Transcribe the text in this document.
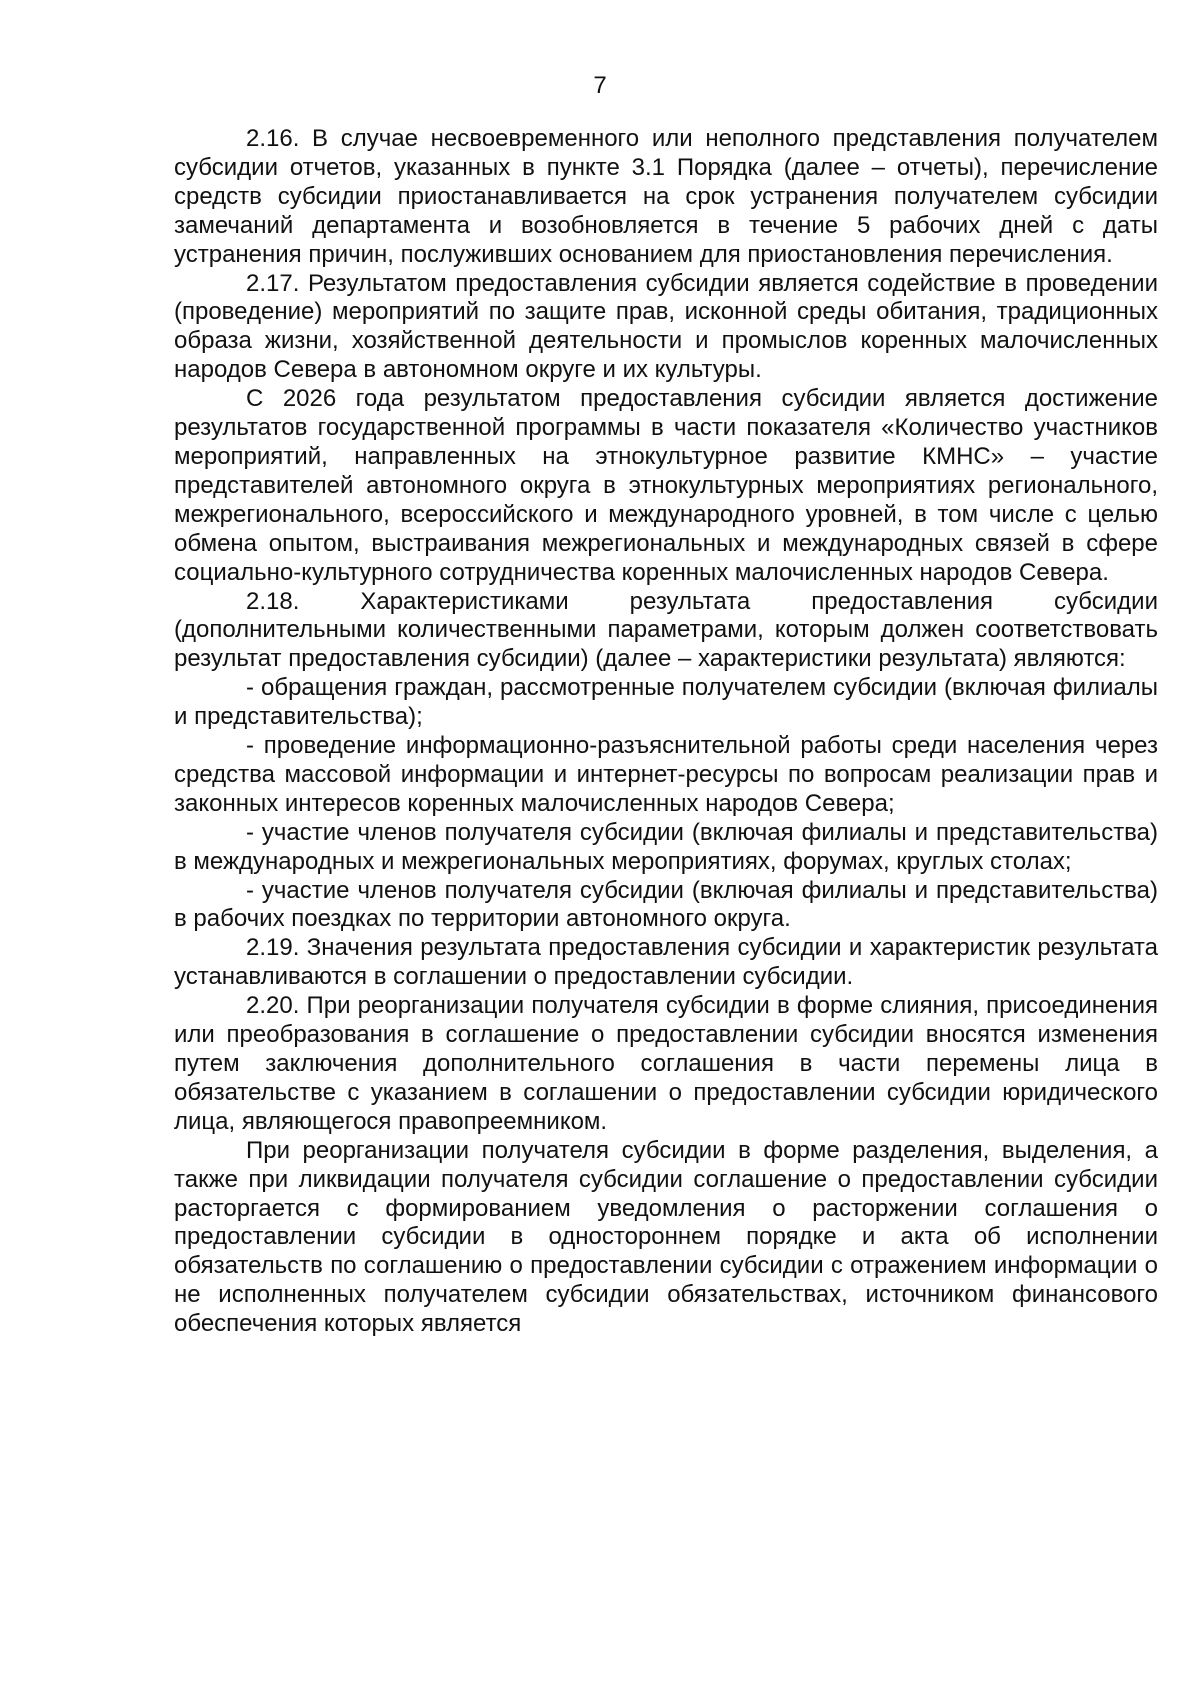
7

2.16. В случае несвоевременного или неполного представления получателем субсидии отчетов, указанных в пункте 3.1 Порядка (далее – отчеты), перечисление средств субсидии приостанавливается на срок устранения получателем субсидии замечаний департамента и возобновляется в течение 5 рабочих дней с даты устранения причин, послуживших основанием для приостановления перечисления.

2.17. Результатом предоставления субсидии является содействие в проведении (проведение) мероприятий по защите прав, исконной среды обитания, традиционных образа жизни, хозяйственной деятельности и промыслов коренных малочисленных народов Севера в автономном округе и их культуры.

С 2026 года результатом предоставления субсидии является достижение результатов государственной программы в части показателя «Количество участников мероприятий, направленных на этнокультурное развитие КМНС» – участие представителей автономного округа в этнокультурных мероприятиях регионального, межрегионального, всероссийского и международного уровней, в том числе с целью обмена опытом, выстраивания межрегиональных и международных связей в сфере социально-культурного сотрудничества коренных малочисленных народов Севера.

2.18. Характеристиками результата предоставления субсидии (дополнительными количественными параметрами, которым должен соответствовать результат предоставления субсидии) (далее – характеристики результата) являются:

- обращения граждан, рассмотренные получателем субсидии (включая филиалы и представительства);

- проведение информационно-разъяснительной работы среди населения через средства массовой информации и интернет-ресурсы по вопросам реализации прав и законных интересов коренных малочисленных народов Севера;

- участие членов получателя субсидии (включая филиалы и представительства) в международных и межрегиональных мероприятиях, форумах, круглых столах;

- участие членов получателя субсидии (включая филиалы и представительства) в рабочих поездках по территории автономного округа.

2.19. Значения результата предоставления субсидии и характеристик результата устанавливаются в соглашении о предоставлении субсидии.

2.20. При реорганизации получателя субсидии в форме слияния, присоединения или преобразования в соглашение о предоставлении субсидии вносятся изменения путем заключения дополнительного соглашения в части перемены лица в обязательстве с указанием в соглашении о предоставлении субсидии юридического лица, являющегося правопреемником.

При реорганизации получателя субсидии в форме разделения, выделения, а также при ликвидации получателя субсидии соглашение о предоставлении субсидии расторгается с формированием уведомления о расторжении соглашения о предоставлении субсидии в одностороннем порядке и акта об исполнении обязательств по соглашению о предоставлении субсидии с отражением информации о не исполненных получателем субсидии обязательствах, источником финансового обеспечения которых является
